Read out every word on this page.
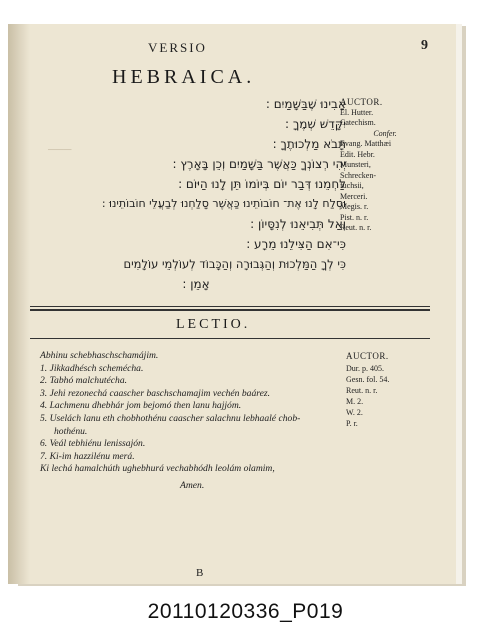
───
VERSIO	9
HEBRAICA.
אָבִינוּ שֶׁבַּשָּׁמַיִם :
יִקָּדֵשׁ שְׁמֶךָ :
תָּבֹא מַלְכוּתֶךָ :
יְהִי רְצוֹנְךָ כַּאֲשֶׁר בַּשָּׁמַיִם וְכֵן בָּאָרֶץ :
לַחְמֵנוּ דְּבַר יוֹם בְּיוֹמוֹ תֵּן לָנוּ הַיּוֹם :
וּסְלַח לָנוּ אֶת־ חוֹבוֹתֵינוּ כַּאֲשֶׁר סָלַחְנוּ לְבַעֲלֵי חוֹבוֹתֵינוּ :
וְאַל תְּבִיאֵנוּ לְנִסָּיוֹן :
כִּי־אִם הַצִּילֵנוּ מֵרָע :
כִּי לְךָ הַמַּלְכוּת וְהַגְּבוּרָה וְהַכָּבוֹד לְעוֹלְמֵי עוֹלָמִים
אָמֵן :
AUCTOR.
El. Hutter.
Catechism.
Confer.
Evang. Matthæi
Edit. Hebr.
Munsteri,
Schrecken-
fuchsii,
Merceri.
Megis. r.
Pist. n. r.
Reut. n. r.
LECTIO.
Abhinu schebhaschschamájim.
1. Jikkadhésch schemécha.
2. Tabhó malchutécha.
3. Jehi rezonechá caascher baschschamajim vechén baárez.
4. Lachmenu dhebhár jom bejomó then lanu hajjóm.
5. Uselách lanu eth chobhothénu caascher salachnu lebhaalé chob-
hothénu.
6. Veál tebhiénu lenissajón.
7. Ki-im hazzilénu merá.
Ki lechá hamalchúth ughebhurá vechabhódh leolám olamim,
Amen.
AUCTOR.
Dur. p. 405.
Gesn. fol. 54.
Reut. n. r.
M. 2.
W. 2.
P. r.
B
20110120336_P019
